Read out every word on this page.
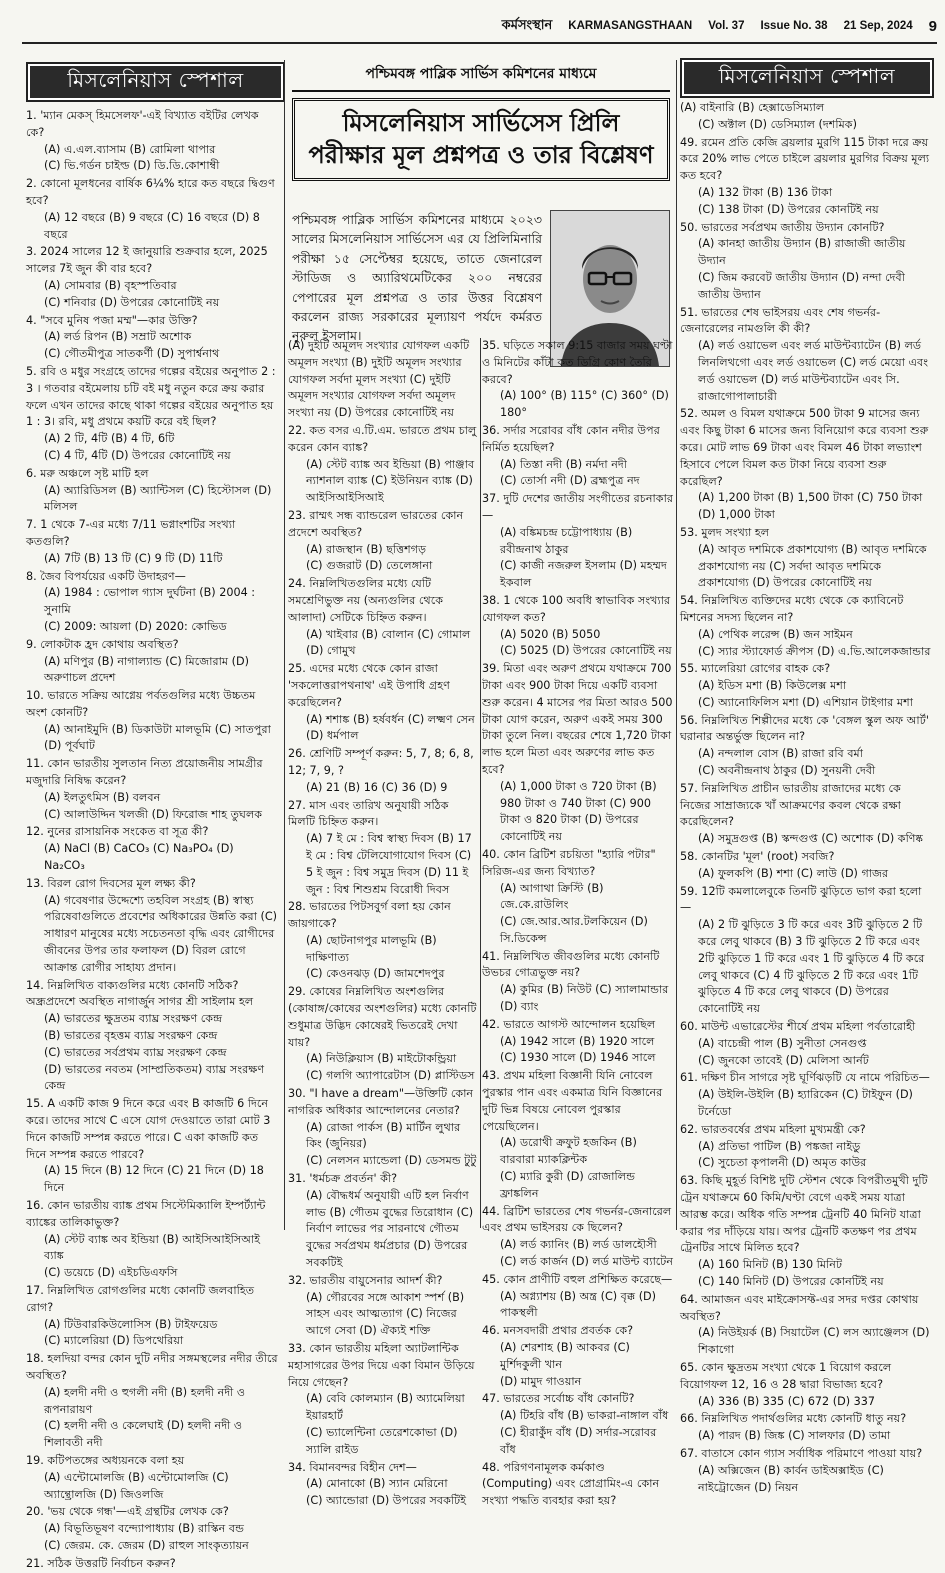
কর্মসংস্থান KARMASANGSTHAAN Vol. 37 Issue No. 38 21 Sep, 2024 9
মিসলেনিয়াস স্পেশাল	মিসলেনিয়াস স্পেশাল
পশ্চিমবঙ্গ পাব্লিক সার্ভিস কমিশনের মাধ্যমে
মিসলেনিয়াস সার্ভিসেস প্রিলি
পরীক্ষার মূল প্রশ্নপত্র ও তার বিশ্লেষণ
পশ্চিমবঙ্গ পাব্লিক সার্ভিস কমিশনের মাধ্যমে ২০২৩ সালের মিসলেনিয়াস সার্ভিসেস এর যে প্রিলিমিনারি পরীক্ষা ১৫ সেপ্টেম্বর হয়েছে, তাতে জেনারেল স্টাডিজ ও অ্যারিথমেটিকের ২০০ নম্বরের পেপারের মূল প্রশ্নপত্র ও তার উত্তর বিশ্লেষণ করলেন রাজ্য সরকারের মূল্যায়ণ পর্যদে কর্মরত নুরুল ইসলাম।
1. 'ম্যান মেকস্ হিমসেলফ'-এই বিখ্যাত বইটির লেখক কে?
(A) এ.এল.ব্যাসাম (B) রোমিলা থাপার
(C) ভি.গর্ডন চাইল্ড (D) ডি.ডি.কোশাম্বী
2. কোনো মূলধনের বার্ষিক 6¼% হারে কত বছরে দ্বিগুণ হবে?
(A) 12 বছরে (B) 9 বছরে (C) 16 বছরে (D) 8 বছরে
3. 2024 সালের 12 ই জানুয়ারি শুক্রবার হলে, 2025 সালের 7ই জুন কী বার হবে?
(A) সোমবার (B) বৃহস্পতিবার
(C) শনিবার (D) উপরের কোনোটিই নয়
4. "সবে মুনিষ পজা মম্ম"—কার উক্তি?
(A) লর্ড রিপন (B) সম্রাট অশোক
(C) গৌতমীপুত্র সাতকর্ণী (D) সুপার্শ্বনাথ
5. রবি ও মধুর সংগ্রহে তাদের গল্পের বইয়ের অনুপাত 2 : 3 । গতবার বইমেলায় চটি বই মধু নতুন করে ক্রয় করার ফলে এখন তাদের কাছে থাকা গল্পের বইয়ের অনুপাত হয় 1 : 3। রবি, মধু প্রথমে কয়টি করে বই ছিল?
(A) 2 টি, 4টি (B) 4 টি, 6টি
(C) 4 টি, 4টি (D) উপরের কোনোটিই নয়
6. মরু অঞ্চলে সৃষ্ট মাটি হল
(A) অ্যারিডিসল (B) অ্যান্টিসল (C) হিস্টোসল (D) মলিসল
7. 1 থেকে 7-এর মধ্যে 7/11 ভগ্নাংশটির সংখ্যা কতগুলি?
(A) 7টি (B) 13 টি (C) 9 টি (D) 11টি
8. জৈব বিপর্যয়ের একটি উদাহরণ—
(A) 1984 : ভোপাল গ্যাস দুর্ঘটনা (B) 2004 : সুনামি
(C) 2009: আয়লা (D) 2020: কোভিড
9. লোকটাক হ্রদ কোথায় অবস্থিত?
(A) মণিপুর (B) নাগাল্যান্ড (C) মিজোরাম (D) অরুণাচল প্রদেশ
10. ভারতে সক্রিয় আগ্নেয় পর্বতগুলির মধ্যে উচ্চতম অংশ কোনটি?
(A) আনাইমুদি (B) ডিকাউটা মালভূমি (C) সাতপুরা (D) পূর্বঘাট
11. কোন ভারতীয় সুলতান নিত্য প্রয়োজনীয় সামগ্রীর মজুদারি নিষিদ্ধ করেন?
(A) ইলতুৎমিস (B) বলবন
(C) আলাউদ্দিন খলজী (D) ফিরোজ শাহ তুঘলক
12. নুনের রাসায়নিক সংকেত বা সূত্র কী?
(A) NaCl (B) CaCO₃ (C) Na₃PO₄ (D) Na₂CO₃
13. বিরল রোগ দিবসের মূল লক্ষ্য কী?
(A) গবেষণার উদ্দেশ্যে তহবিল সংগ্রহ (B) স্বাস্থ্য পরিষেবাগুলিতে প্রবেশের অধিকারের উন্নতি করা (C) সাধারণ মানুষের মধ্যে সচেতনতা বৃদ্ধি এবং রোগীদের জীবনের উপর তার ফলাফল (D) বিরল রোগে আক্রান্ত রোগীর সাহায্য প্রদান।
14. নিম্নলিখিত বাক্যগুলির মধ্যে কোনটি সঠিক? অন্ধ্রপ্রদেশে অবস্থিত নাগার্জুন সাগর শ্রী সাইলাম হল
(A) ভারতের ক্ষুদ্রতম ব্যাঘ্র সংরক্ষণ কেন্দ্র
(B) ভারতের বৃহত্তম ব্যাঘ্র সংরক্ষণ কেন্দ্র
(C) ভারতের সর্বপ্রথম ব্যাঘ্র সংরক্ষণ কেন্দ্র
(D) ভারতের নবতম (সাম্প্রতিকতম) ব্যাঘ্র সংরক্ষণ কেন্দ্র
15. A একটি কাজ 9 দিনে করে এবং B কাজটি 6 দিনে করে। তাদের সাথে C এসে যোগ দেওয়াতে তারা মোট 3 দিনে কাজটি সম্পন্ন করতে পারে। C একা কাজটি কত দিনে সম্পন্ন করতে পারবে?
(A) 15 দিনে (B) 12 দিনে (C) 21 দিনে (D) 18 দিনে
16. কোন ভারতীয় ব্যাঙ্ক প্রথম সিস্টেমিক্যালি ইম্পর্ট্যান্ট ব্যাঙ্কের তালিকাভুক্ত?
(A) স্টেট ব্যাঙ্ক অব ইন্ডিয়া (B) আইসিআইসিআই ব্যাঙ্ক
(C) ডয়েচে (D) এইচডিএফসি
17. নিম্নলিখিত রোগগুলির মধ্যে কোনটি জলবাহিত রোগ?
(A) টিউবারকিউলোসিস (B) টাইফয়েড
(C) ম্যালেরিয়া (D) ডিপথেরিয়া
18. হলদিয়া বন্দর কোন দুটি নদীর সঙ্গমস্থলের নদীর তীরে অবস্থিত?
(A) হলদী নদী ও হুগলী নদী (B) হলদী নদী ও রূপনারায়ণ
(C) হলদী নদী ও কেলেঘাই (D) হলদী নদী ও শিলাবতী নদী
19. কটিপতঙ্গের অধ্যয়নকে বলা হয়
(A) এন্টোমোলজি (B) এন্টোমোলজি (C) অ্যান্থ্রোলজি (D) জিওলজি
20. 'ভয় থেকে গন্ধ'—এই গ্রন্থটির লেখক কে?
(A) বিভূতিভূষণ বন্দ্যোপাধ্যায় (B) রাস্কিন বন্ড
(C) জেরম. কে. জেরম (D) রাহুল সাংকৃত্যায়ন
21. সঠিক উত্তরটি নির্বাচন করুন?
(A) দুইটি অমূলদ সংখ্যার যোগফল একটি অমূলদ সংখ্যা (B) দুইটি অমূলদ সংখ্যার যোগফল সর্বদা মূলদ সংখ্যা (C) দুইটি অমূলদ সংখ্যার যোগফল সর্বদা অমূলদ সংখ্যা নয় (D) উপরের কোনোটিই নয়
22. কত বসর এ.টি.এম. ভারতে প্রথম চালু করেন কোন ব্যাঙ্ক?
(A) স্টেট ব্যাঙ্ক অব ইন্ডিয়া (B) পাঞ্জাব ন্যাশনাল ব্যাঙ্ক (C) ইউনিয়ন ব্যাঙ্ক (D) আইসিআইসিআই
23. রাম্মৎ সন্ধ ব্যান্ডরেল ভারতের কোন প্রদেশে অবস্থিত?
(A) রাজস্থান (B) ছত্তিশগড়
(C) গুজরাট (D) তেলেঙ্গানা
24. নিম্নলিখিতগুলির মধ্যে যেটি সমশ্রেণিভুক্ত নয় (অন্যগুলির থেকে আলাদা) সেটিকে চিহ্নিত করুন।
(A) খাইবার (B) বোলান (C) গোমাল (D) গোমুখ
25. এদের মধ্যে থেকে কোন রাজা 'সকলোত্তরাপথনাথ' এই উপাধি গ্রহণ করেছিলেন?
(A) শশাঙ্ক (B) হর্ষবর্ধন (C) লক্ষ্মণ সেন (D) ধর্মপাল
26. শ্রেণিটি সম্পূর্ণ করুন: 5, 7, 8; 6, 8, 12; 7, 9, ?
(A) 21 (B) 16 (C) 36 (D) 9
27. মাস এবং তারিখ অনুযায়ী সঠিক মিলটি চিহ্নিত করুন।
(A) 7 ই মে : বিশ্ব স্বাস্থ্য দিবস (B) 17 ই মে : বিশ্ব টেলিযোগাযোগ দিবস (C) 5 ই জুন : বিশ্ব সমুদ্র দিবস (D) 11 ই জুন : বিশ্ব শিশুশ্রম বিরোধী দিবস
28. ভারতের পিটসবুর্গ বলা হয় কোন জায়গাকে?
(A) ছোটনাগপুর মালভূমি (B) দাক্ষিণাত্য
(C) কেওনঝড় (D) জামশেদপুর
29. কোষের নিম্নলিখিত অংশগুলির (কোষাঙ্গ/কোষের অংশগুলির) মধ্যে কোনটি শুধুমাত্র উদ্ভিদ কোষেরই ভিতরেই দেখা যায়?
(A) নিউক্লিয়াস (B) মাইটোকন্ড্রিয়া
(C) গলগি অ্যাপারেটাস (D) প্লাস্টিডস
30. "I have a dream"—উক্তিটি কোন নাগরিক অধিকার আন্দোলনের নেতার?
(A) রোজা পার্কস (B) মার্টিন লুথার কিং (জুনিয়র)
(C) নেলসন ম্যান্ডেলা (D) ডেসমন্ড টুটু
31. 'ধর্মচক্র প্রবর্তন' কী?
(A) বৌদ্ধধর্ম অনুযায়ী এটি হল নির্বাণ লাভ (B) গৌতম বুদ্ধের তিরোধান (C) নির্বাণ লাভের পর সারনাথে গৌতম বুদ্ধের সর্বপ্রথম ধর্মপ্রচার (D) উপরের সবকটিই
32. ভারতীয় বায়ুসেনার আদর্শ কী?
(A) গৌরবের সঙ্গে আকাশ স্পর্শ (B) সাহস এবং আত্মত্যাগ (C) নিজের আগে সেবা (D) ঐক্যই শক্তি
33. কোন ভারতীয় মহিলা অ্যাটলান্টিক মহাসাগরের উপর দিয়ে একা বিমান উড়িয়ে নিয়ে গেছেন?
(A) বেবি কোলম্যান (B) অ্যামেলিয়া ইয়ারহার্ট
(C) ভ্যালেন্টিনা তেরেশকোভা (D) স্যালি রাইড
34. বিমানবন্দর বিহীন দেশ—
(A) মোনাকো (B) স্যান মেরিনো
(C) অ্যান্ডোরা (D) উপরের সবকটিই
35. ঘড়িতে সকাল 9:15 বাজার সময় ঘণ্টা ও মিনিটের কাঁটা কত ডিগ্রি কোণ তৈরি করবে?
(A) 100° (B) 115° (C) 360° (D) 180°
36. সর্দার সরোবর বাঁধ কোন নদীর উপর নির্মিত হয়েছিল?
(A) তিস্তা নদী (B) নর্মদা নদী
(C) তোর্সা নদী (D) ব্রহ্মপুত্র নদ
37. দুটি দেশের জাতীয় সংগীতের রচনাকার—
(A) বঙ্কিমচন্দ্র চট্টোপাধ্যায় (B) রবীন্দ্রনাথ ঠাকুর
(C) কাজী নজরুল ইসলাম (D) মহম্মদ ইকবাল
38. 1 থেকে 100 অবধি স্বাভাবিক সংখ্যার যোগফল কত?
(A) 5020 (B) 5050
(C) 5025 (D) উপরের কোনোটিই নয়
39. মিতা এবং অরুণ প্রথমে যথাক্রমে 700 টাকা এবং 900 টাকা দিয়ে একটি ব্যবসা শুরু করেন। 4 মাসের পর মিতা আরও 500 টাকা যোগ করেন, অরুণ একই সময় 300 টাকা তুলে নিল। বছরের শেষে 1,720 টাকা লাভ হলে মিতা এবং অরুণের লাভ কত হবে?
(A) 1,000 টাকা ও 720 টাকা (B) 980 টাকা ও 740 টাকা (C) 900 টাকা ও 820 টাকা (D) উপরের কোনোটিই নয়
40. কোন ব্রিটিশ রচয়িতা "হ্যারি পটার" সিরিজ-এর জন্য বিখ্যাত?
(A) আগাথা ক্রিস্টি (B) জে.কে.রাউলিং
(C) জে.আর.আর.টলকিয়েন (D) সি.ডিকেন্স
41. নিম্নলিখিত জীবগুলির মধ্যে কোনটি উভচর গোত্রভুক্ত নয়?
(A) কুমির (B) নিউট (C) স্যালামান্ডার (D) ব্যাং
42. ভারতে আগস্ট আন্দোলন হয়েছিল
(A) 1942 সালে (B) 1920 সালে
(C) 1930 সালে (D) 1946 সালে
43. প্রথম মহিলা বিজ্ঞানী যিনি নোবেল পুরস্কার পান এবং একমাত্র যিনি বিজ্ঞানের দুটি ভিন্ন বিষয়ে নোবেল পুরস্কার পেয়েছিলেন।
(A) ডরোথী ক্রফুট হজকিন (B) বারবারা ম্যাকক্লিন্টক
(C) ম্যারি কুরী (D) রোজালিন্ড ফ্রাঙ্কলিন
44. ব্রিটিশ ভারতের শেষ গভর্নর-জেনারেল এবং প্রথম ভাইসরয় কে ছিলেন?
(A) লর্ড ক্যানিং (B) লর্ড ডালহৌসী
(C) লর্ড কার্জন (D) লর্ড মাউন্ট ব্যাটেন
45. কোন প্রাণীটি বহুল প্রশিক্ষিত করেছে—
(A) অগ্ন্যাশয় (B) অন্ত্র (C) বৃক্ক (D) পাকস্থলী
46. মনসবদারী প্রথার প্রবর্তক কে?
(A) শেরশাহ (B) আকবর (C) মুর্শিদকুলী খান
(D) মামুদ গাওয়ান
47. ভারতের সর্বোচ্চ বাঁধ কোনটি?
(A) টিহরি বাঁধ (B) ভাকরা-নাঙ্গাল বাঁধ
(C) হীরাকুঁদ বাঁধ (D) সর্দার-সরোবর বাঁধ
48. পরিগণনামূলক কর্মকাণ্ড (Computing) এবং প্রোগ্রামিং-এ কোন সংখ্যা পদ্ধতি ব্যবহার করা হয়?
(A) বাইনারি (B) হেক্সাডেসিম্যাল
(C) অক্টাল (D) ডেসিম্যাল (দশমিক)
49. রমেন প্রতি কেজি ব্রয়লার মুরগি 115 টাকা দরে ক্রয় করে 20% লাভ পেতে চাইলে ব্রয়লার মুরগির বিক্রয় মূল্য কত হবে?
(A) 132 টাকা (B) 136 টাকা
(C) 138 টাকা (D) উপরের কোনটিই নয়
50. ভারতের সর্বপ্রথম জাতীয় উদ্যান কোনটি?
(A) কানহা জাতীয় উদ্যান (B) রাজাজী জাতীয় উদ্যান
(C) জিম করবেট জাতীয় উদ্যান (D) নন্দা দেবী জাতীয় উদ্যান
51. ভারতের শেষ ভাইসরয় এবং শেষ গভর্নর-জেনারেলের নামগুলি কী কী?
(A) লর্ড ওয়াভেল এবং লর্ড মাউন্টব্যাটেন (B) লর্ড লিনলিথগো এবং লর্ড ওয়াভেল (C) লর্ড মেয়ো এবং লর্ড ওয়াভেল (D) লর্ড মাউন্টব্যাটেন এবং সি. রাজাগোপালাচারী
52. অমল ও বিমল যথাক্রমে 500 টাকা 9 মাসের জন্য এবং কিছু টাকা 6 মাসের জন্য বিনিয়োগ করে ব্যবসা শুরু করে। মোট লাভ 69 টাকা এবং বিমল 46 টাকা লভ্যাংশ হিসাবে পেলে বিমল কত টাকা নিয়ে ব্যবসা শুরু করেছিল?
(A) 1,200 টাকা (B) 1,500 টাকা (C) 750 টাকা (D) 1,000 টাকা
53. মুলদ সংখ্যা হল
(A) আবৃত দশমিকে প্রকাশযোগ্য (B) আবৃত দশমিকে প্রকাশযোগ্য নয় (C) সর্বদা আবৃত দশমিকে প্রকাশযোগ্য (D) উপরের কোনোটিই নয়
54. নিম্নলিখিত ব্যক্তিদের মধ্যে থেকে কে ক্যাবিনেট মিশনের সদস্য ছিলেন না?
(A) পেথিক লরেন্স (B) জন সাইমন
(C) স্যার স্ট্যাফোর্ড ক্রীপস (D) এ.ভি.আলেকজান্ডার
55. ম্যালেরিয়া রোগের বাহক কে?
(A) ইডিস মশা (B) কিউলেক্স মশা
(C) অ্যানোফিলিস মশা (D) এশিয়ান টাইগার মশা
56. নিম্নলিখিত শিল্পীদের মধ্যে কে 'বেঙ্গল স্কুল অফ আর্ট' ঘরানার অন্তর্ভুক্ত ছিলেন না?
(A) নন্দলাল বোস (B) রাজা রবি বর্মা
(C) অবনীন্দ্রনাথ ঠাকুর (D) সুনয়নী দেবী
57. নিম্নলিখিত প্রাচীন ভারতীয় রাজাদের মধ্যে কে নিজের সাম্রাজ্যকে খাঁ আক্রমণের কবল থেকে রক্ষা করেছিলেন?
(A) সমুদ্রগুপ্ত (B) স্কন্দগুপ্ত (C) অশোক (D) কণিষ্ক
58. কোনটির 'মূল' (root) সবজি?
(A) ফুলকপি (B) শশা (C) লাউ (D) গাজর
59. 12টি কমলালেবুকে তিনটি ঝুড়িতে ভাগ করা হলো—
(A) 2 টি ঝুড়িতে 3 টি করে এবং 3টি ঝুড়িতে 2 টি করে লেবু থাকবে (B) 3 টি ঝুড়িতে 2 টি করে এবং 2টি ঝুড়িতে 1 টি করে এবং 1 টি ঝুড়িতে 4 টি করে লেবু থাকবে (C) 4 টি ঝুড়িতে 2 টি করে এবং 1টি ঝুড়িতে 4 টি করে লেবু থাকবে (D) উপরের কোনোটিই নয়
60. মাউন্ট এভারেস্টের শীর্ষে প্রথম মহিলা পর্বতারোহী
(A) বাচেন্দ্রী পাল (B) সুনীতা সেনগুপ্ত
(C) জুনকো তাবেই (D) মেলিসা আর্নট
61. দক্ষিণ চীন সাগরে সৃষ্ট ঘূর্ণিঝড়টি যে নামে পরিচিত—
(A) উইলি-উইলি (B) হ্যারিকেন (C) টাইফুন (D) টর্নেডো
62. ভারতবর্ষের প্রথম মহিলা মুখ্যমন্ত্রী কে?
(A) প্রতিভা পাটিল (B) পঙ্কজা নাইডু
(C) সুচেতা কৃপালনী (D) অমৃত কাউর
63. কিছি মুহূর্ত বিশিষ্ট দুটি স্টেশন থেকে বিপরীতমুখী দুটি ট্রেন যথাক্রমে 60 কিমি/ঘণ্টা বেগে একই সময় যাত্রা আরম্ভ করে। অধিক গতি সম্পন্ন ট্রেনটি 40 মিনিট যাত্রা করার পর দাঁড়িয়ে যায়। অপর ট্রেনটি কতক্ষণ পর প্রথম ট্রেনটির সাথে মিলিত হবে?
(A) 160 মিনিট (B) 130 মিনিট
(C) 140 মিনিট (D) উপরের কোনটিই নয়
64. আমাজন এবং মাইক্রোসফ্ট-এর সদর দপ্তর কোথায় অবস্থিত?
(A) নিউইয়র্ক (B) সিয়াটেল (C) লস অ্যাঞ্জেলস (D) শিকাগো
65. কোন ক্ষুদ্রতম সংখ্যা থেকে 1 বিয়োগ করলে বিয়োগফল 12, 16 ও 28 দ্বারা বিভাজ্য হবে?
(A) 336 (B) 335 (C) 672 (D) 337
66. নিম্নলিখিত পদার্থগুলির মধ্যে কোনটি ধাতু নয়?
(A) পারদ (B) জিঙ্ক (C) সালফার (D) তামা
67. বাতাসে কোন গ্যাস সর্বাধিক পরিমাণে পাওয়া যায়?
(A) অক্সিজেন (B) কার্বন ডাইঅক্সাইড (C) নাইট্রোজেন (D) নিয়ন
